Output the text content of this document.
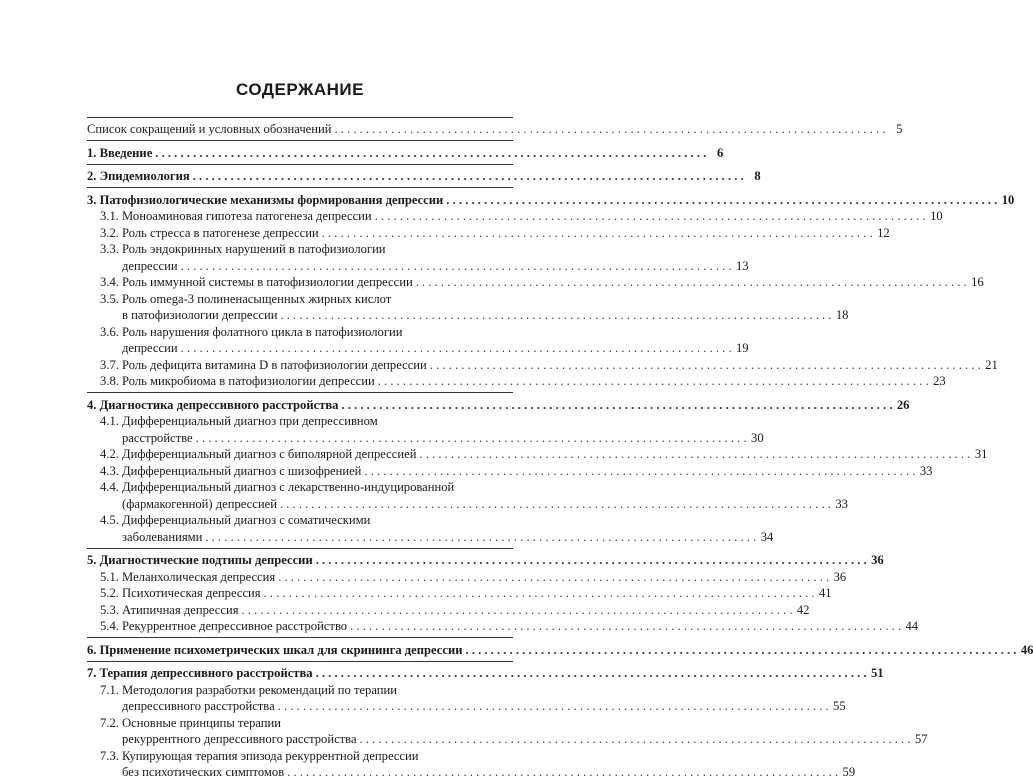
СОДЕРЖАНИЕ
Список сокращений и условных обозначений . . .	5
1. Введение . . .	6
2. Эпидемиология . . .	8
3. Патофизиологические механизмы формирования депрессии . . .	10
3.1. Моноаминовая гипотеза патогенеза депрессии . . .	10
3.2. Роль стресса в патогенезе депрессии . . .	12
3.3. Роль эндокринных нарушений в патофизиологии
депрессии . . .	13
3.4. Роль иммунной системы в патофизиологии депрессии . . .	16
3.5. Роль omega-3 полиненасыщенных жирных кислот
в патофизиологии депрессии . . .	18
3.6. Роль нарушения фолатного цикла в патофизиологии
депрессии . . .	19
3.7. Роль дефицита витамина D в патофизиологии депрессии . . .	21
3.8. Роль микробиома в патофизиологии депрессии . . .	23
4. Диагностика депрессивного расстройства . . .	26
4.1. Дифференциальный диагноз при депрессивном
расстройстве . . .	30
4.2. Дифференциальный диагноз с биполярной депрессией . . .	31
4.3. Дифференциальный диагноз с шизофренией . . .	33
4.4. Дифференциальный диагноз с лекарственно-индуцированной
(фармакогенной) депрессией . . .	33
4.5. Дифференциальный диагноз с соматическими
заболеваниями . . .	34
5. Диагностические подтипы депрессии . . .	36
5.1. Меланхолическая депрессия . . .	36
5.2. Психотическая депрессия . . .	41
5.3. Атипичная депрессия . . .	42
5.4. Рекуррентное депрессивное расстройство . . .	44
6. Применение психометрических шкал для скрининга депрессии . . .	46
7. Терапия депрессивного расстройства . . .	51
7.1. Методология разработки рекомендаций по терапии
депрессивного расстройства . . .	55
7.2. Основные принципы терапии
рекуррентного депрессивного расстройства . . .	57
7.3. Купирующая терапия эпизода рекуррентной депрессии
без психотических симптомов . . .	59
